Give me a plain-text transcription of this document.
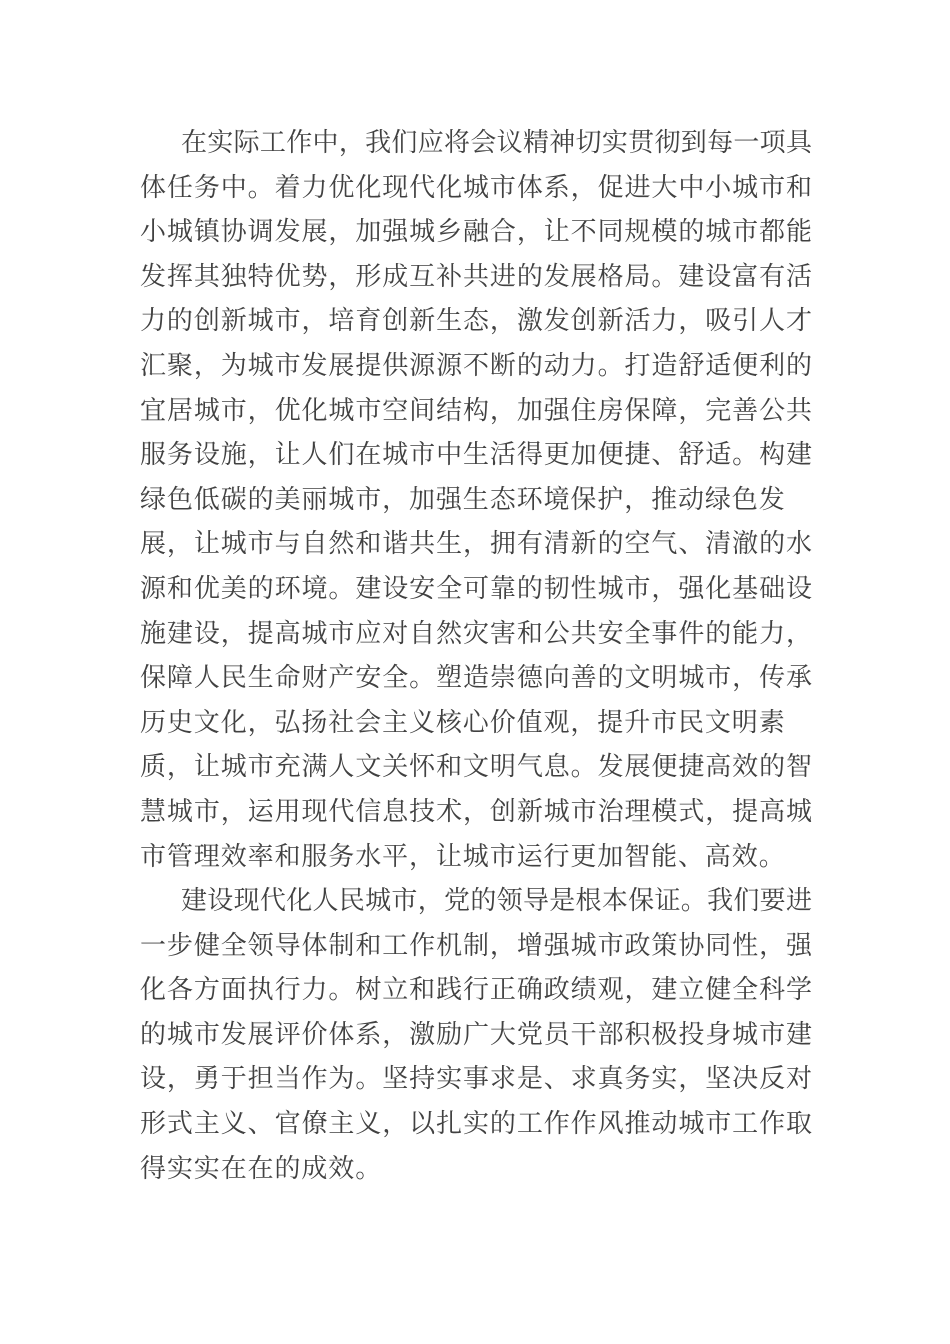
在实际工作中，我们应将会议精神切实贯彻到每一项具
体任务中。着力优化现代化城市体系，促进大中小城市和
小城镇协调发展，加强城乡融合，让不同规模的城市都能
发挥其独特优势，形成互补共进的发展格局。建设富有活
力的创新城市，培育创新生态，激发创新活力，吸引人才
汇聚，为城市发展提供源源不断的动力。打造舒适便利的
宜居城市，优化城市空间结构，加强住房保障，完善公共
服务设施，让人们在城市中生活得更加便捷、舒适。构建
绿色低碳的美丽城市，加强生态环境保护，推动绿色发
展，让城市与自然和谐共生，拥有清新的空气、清澈的水
源和优美的环境。建设安全可靠的韧性城市，强化基础设
施建设，提高城市应对自然灾害和公共安全事件的能力，
保障人民生命财产安全。塑造崇德向善的文明城市，传承
历史文化，弘扬社会主义核心价值观，提升市民文明素
质，让城市充满人文关怀和文明气息。发展便捷高效的智
慧城市，运用现代信息技术，创新城市治理模式，提高城
市管理效率和服务水平，让城市运行更加智能、高效。
建设现代化人民城市，党的领导是根本保证。我们要进
一步健全领导体制和工作机制，增强城市政策协同性，强
化各方面执行力。树立和践行正确政绩观，建立健全科学
的城市发展评价体系，激励广大党员干部积极投身城市建
设，勇于担当作为。坚持实事求是、求真务实，坚决反对
形式主义、官僚主义，以扎实的工作作风推动城市工作取
得实实在在的成效。
